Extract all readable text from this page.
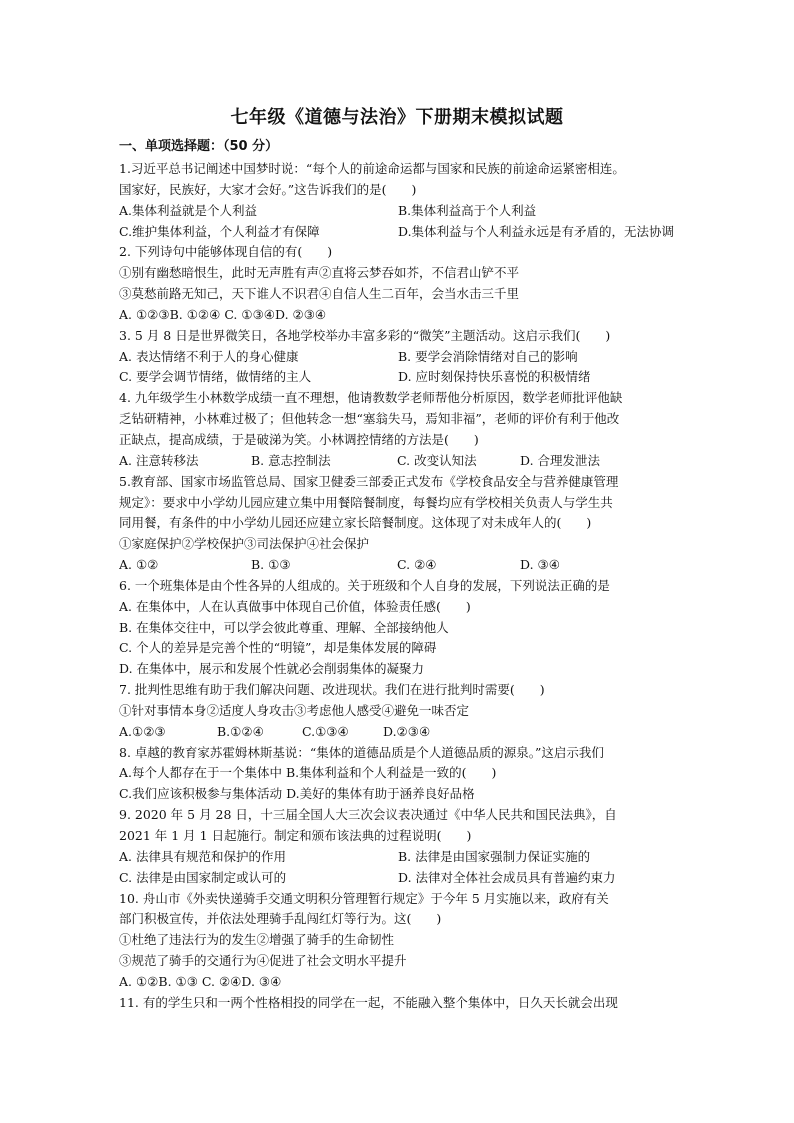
七年级《道德与法治》下册期末模拟试题
一、单项选择题：（50 分）
1.习近平总书记阐述中国梦时说：“每个人的前途命运都与国家和民族的前途命运紧密相连。
国家好，民族好，大家才会好。”这告诉我们的是(　　)
A.集体利益就是个人利益	B.集体利益高于个人利益
C.维护集体利益，个人利益才有保障	D.集体利益与个人利益永远是有矛盾的，无法协调
2. 下列诗句中能够体现自信的有(　　)
①别有幽愁暗恨生，此时无声胜有声②直将云梦吞如芥，不信君山铲不平
③莫愁前路无知己，天下谁人不识君④自信人生二百年，会当水击三千里
A. ①②③B. ①②④ C. ①③④D. ②③④
3. 5 月 8 日是世界微笑日，各地学校举办丰富多彩的“微笑”主题活动。这启示我们(　　)
A. 表达情绪不利于人的身心健康	B. 要学会消除情绪对自己的影响
C. 要学会调节情绪，做情绪的主人	D. 应时刻保持快乐喜悦的积极情绪
4. 九年级学生小林数学成绩一直不理想，他请教数学老师帮他分析原因，数学老师批评他缺
乏钻研精神，小林难过极了；但他转念一想“塞翁失马，焉知非福”，老师的评价有利于他改
正缺点，提高成绩，于是破涕为笑。小林调控情绪的方法是(　　)
A. 注意转移法	B. 意志控制法	C. 改变认知法	D. 合理发泄法
5.教育部、国家市场监管总局、国家卫健委三部委正式发布《学校食品安全与营养健康管理
规定》：要求中小学幼儿园应建立集中用餐陪餐制度，每餐均应有学校相关负责人与学生共
同用餐，有条件的中小学幼儿园还应建立家长陪餐制度。这体现了对未成年人的(　　)
①家庭保护②学校保护③司法保护④社会保护
A. ①②	B. ①③	C. ②④	D. ③④
6. 一个班集体是由个性各异的人组成的。关于班级和个人自身的发展，下列说法正确的是
A. 在集体中，人在认真做事中体现自己价值，体验责任感(　　)
B. 在集体交往中，可以学会彼此尊重、理解、全部接纳他人
C. 个人的差异是完善个性的“明镜”，却是集体发展的障碍
D. 在集体中，展示和发展个性就必会削弱集体的凝聚力
7. 批判性思维有助于我们解决问题、改进现状。我们在进行批判时需要(　　)
①针对事情本身②适度人身攻击③考虑他人感受④避免一味否定
A.①②③	B.①②④	C.①③④	D.②③④
8. 卓越的教育家苏霍姆林斯基说：“集体的道德品质是个人道德品质的源泉。”这启示我们
A.每个人都存在于一个集体中 B.集体利益和个人利益是一致的(　　)
C.我们应该积极参与集体活动 D.美好的集体有助于涵养良好品格
9. 2020 年 5 月 28 日，十三届全国人大三次会议表决通过《中华人民共和国民法典》，自
2021 年 1 月 1 日起施行。制定和颁布该法典的过程说明(　　)
A. 法律具有规范和保护的作用	B. 法律是由国家强制力保证实施的
C. 法律是由国家制定或认可的	D. 法律对全体社会成员具有普遍约束力
10. 舟山市《外卖快递骑手交通文明积分管理暂行规定》于今年 5 月实施以来，政府有关
部门积极宣传，并依法处理骑手乱闯红灯等行为。这(　　)
①杜绝了违法行为的发生②增强了骑手的生命韧性
③规范了骑手的交通行为④促进了社会文明水平提升
A. ①②B. ①③ C. ②④D. ③④
11. 有的学生只和一两个性格相投的同学在一起，不能融入整个集体中，日久天长就会出现
